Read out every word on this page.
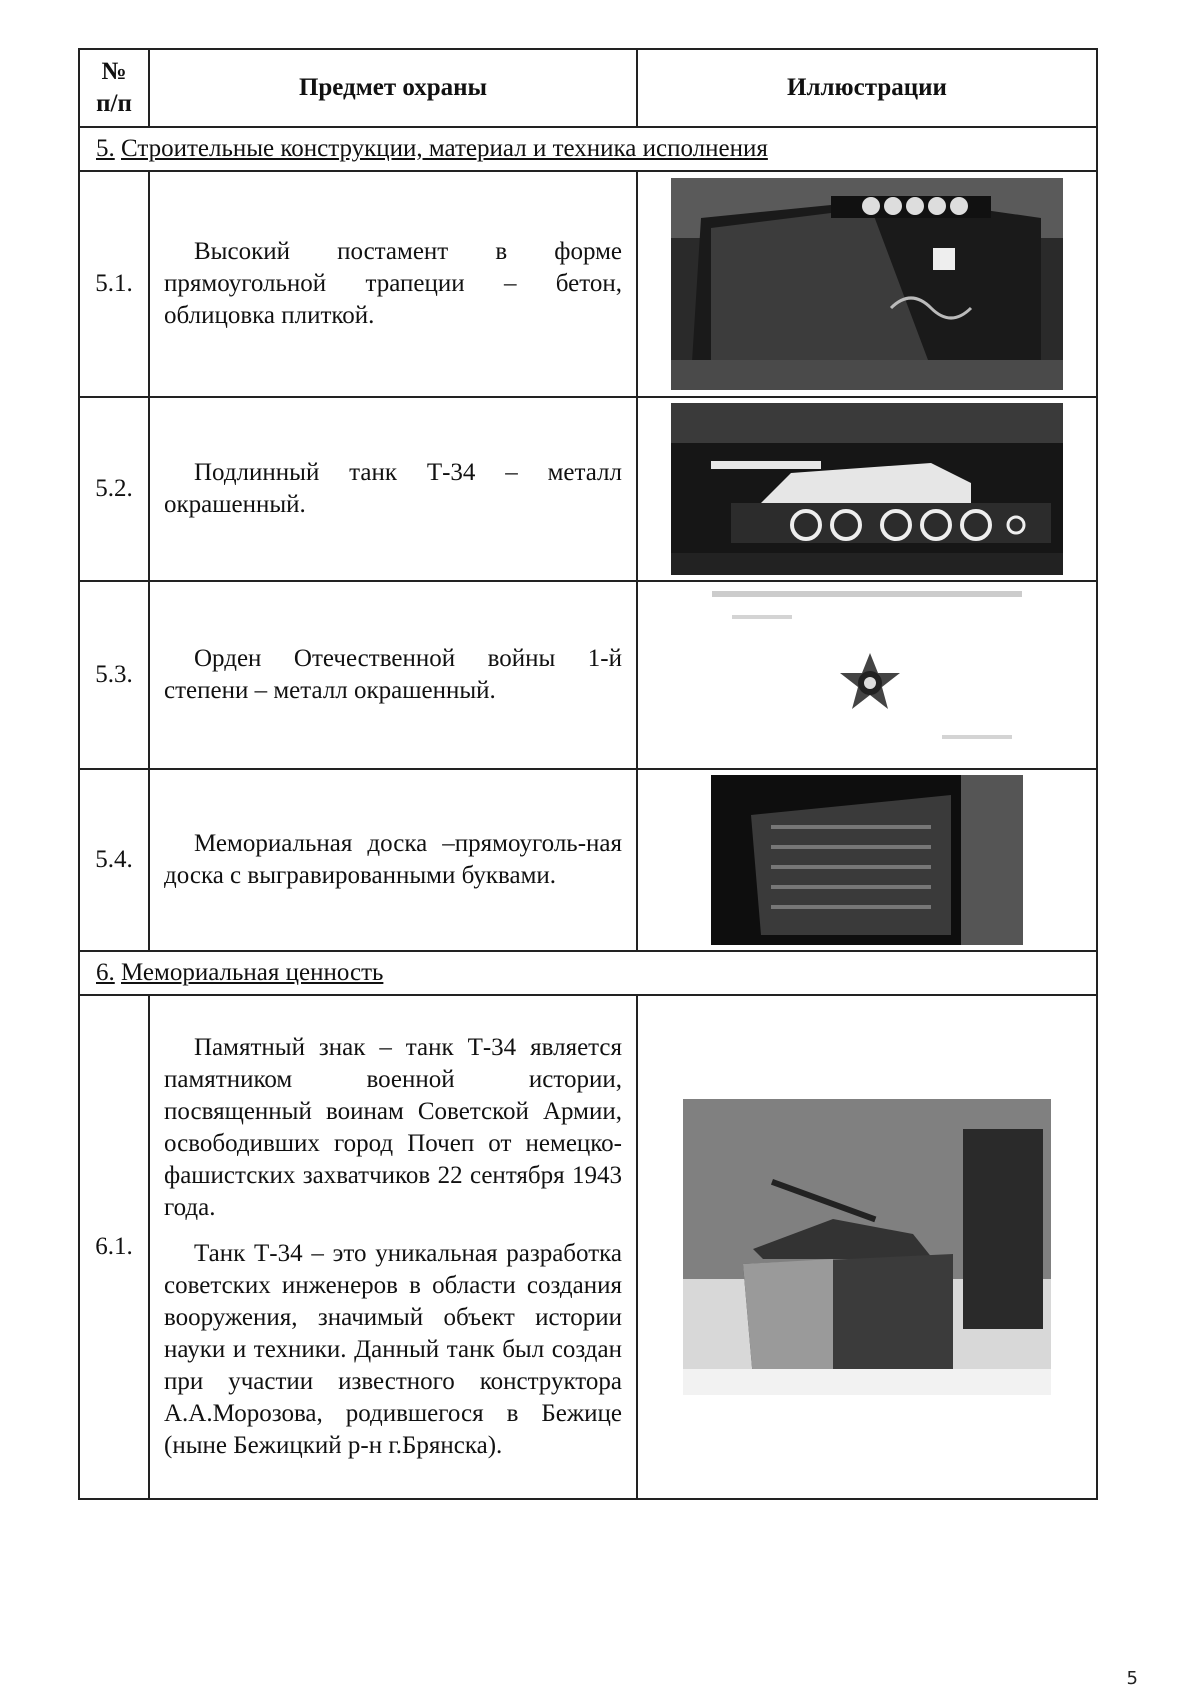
№
п/п	Предмет охраны	Иллюстрации
5. Строительные конструкции, материал и техника исполнения		
5.1.	Высокий постамент в форме прямоугольной трапеции – бетон, облицовка плиткой.

5.2.	Подлинный танк Т-34 – металл окрашенный.

5.3.	Орден Отечественной войны 1-й степени – металл окрашенный.

5.4.	Мемориальная доска –прямоуголь-ная доска с выгравированными буквами.

6. Мемориальная ценность		
6.1.	Памятный знак – танк Т-34 является памятником военной истории, посвященный воинам Советской Армии, освободивших город Почеп от немецко-фашистских захватчиков 22 сентября 1943 года.

Танк Т-34 – это уникальная разработка советских инженеров в области создания вооружения, значимый объект истории науки и техники. Данный танк был создан при участии известного конструктора А.А.Морозова, родившегося в Бежице (ныне Бежицкий р-н г.Брянска).

5
